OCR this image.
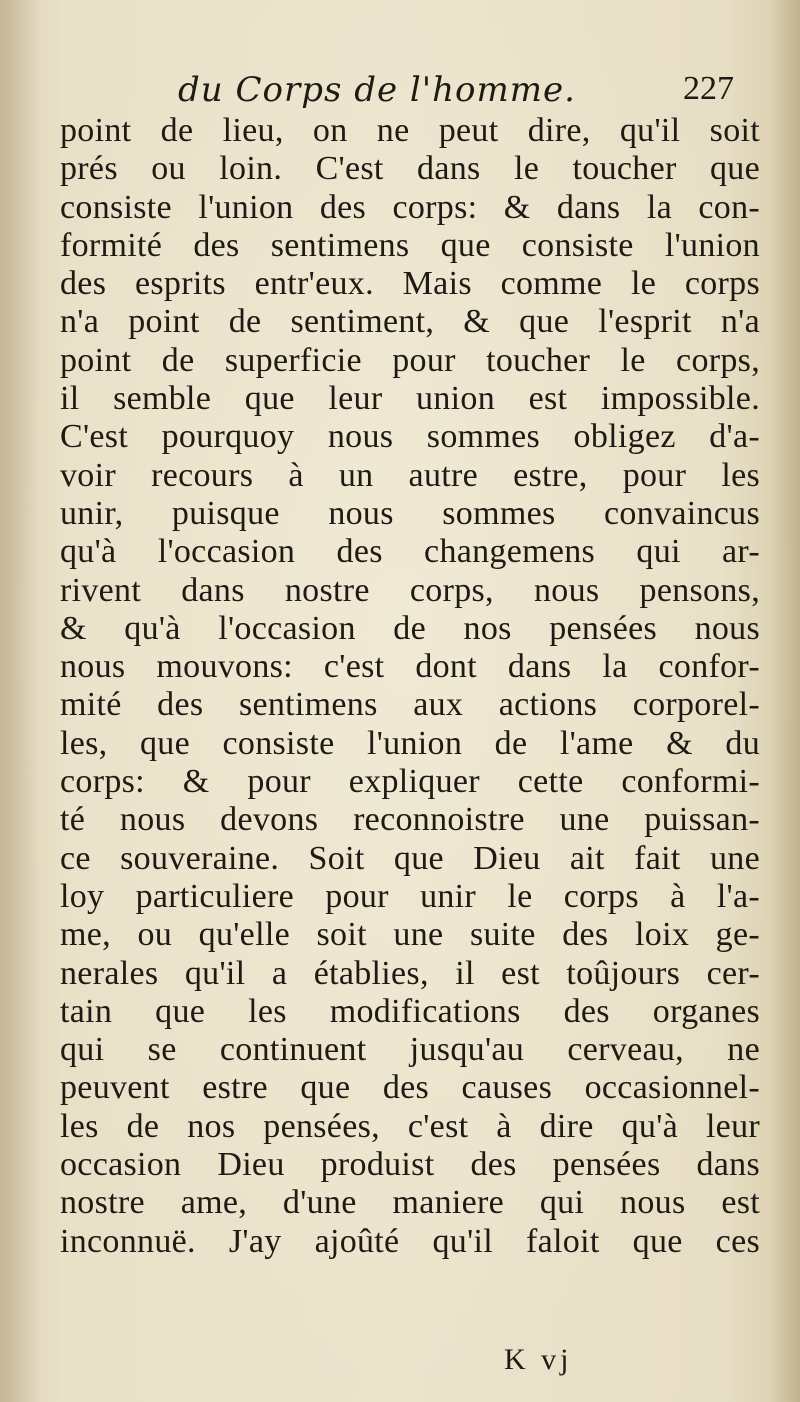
du Corps de l'homme.	227
point de lieu, on ne peut dire, qu'il soit
prés ou loin. C'est dans le toucher que
consiste l'union des corps: & dans la con-
formité des sentimens que consiste l'union
des esprits entr'eux. Mais comme le corps
n'a point de sentiment, & que l'esprit n'a
point de superficie pour toucher le corps,
il semble que leur union est impossible.
C'est pourquoy nous sommes obligez d'a-
voir recours à un autre estre, pour les
unir, puisque nous sommes convaincus
qu'à l'occasion des changemens qui ar-
rivent dans nostre corps, nous pensons,
& qu'à l'occasion de nos pensées nous
nous mouvons: c'est dont dans la confor-
mité des sentimens aux actions corporel-
les, que consiste l'union de l'ame & du
corps: & pour expliquer cette conformi-
té nous devons reconnoistre une puissan-
ce souveraine. Soit que Dieu ait fait une
loy particuliere pour unir le corps à l'a-
me, ou qu'elle soit une suite des loix ge-
nerales qu'il a établies, il est toûjours cer-
tain que les modifications des organes
qui se continuent jusqu'au cerveau, ne
peuvent estre que des causes occasionnel-
les de nos pensées, c'est à dire qu'à leur
occasion Dieu produist des pensées dans
nostre ame, d'une maniere qui nous est
inconnuë. J'ay ajoûté qu'il faloit que ces
K vj
